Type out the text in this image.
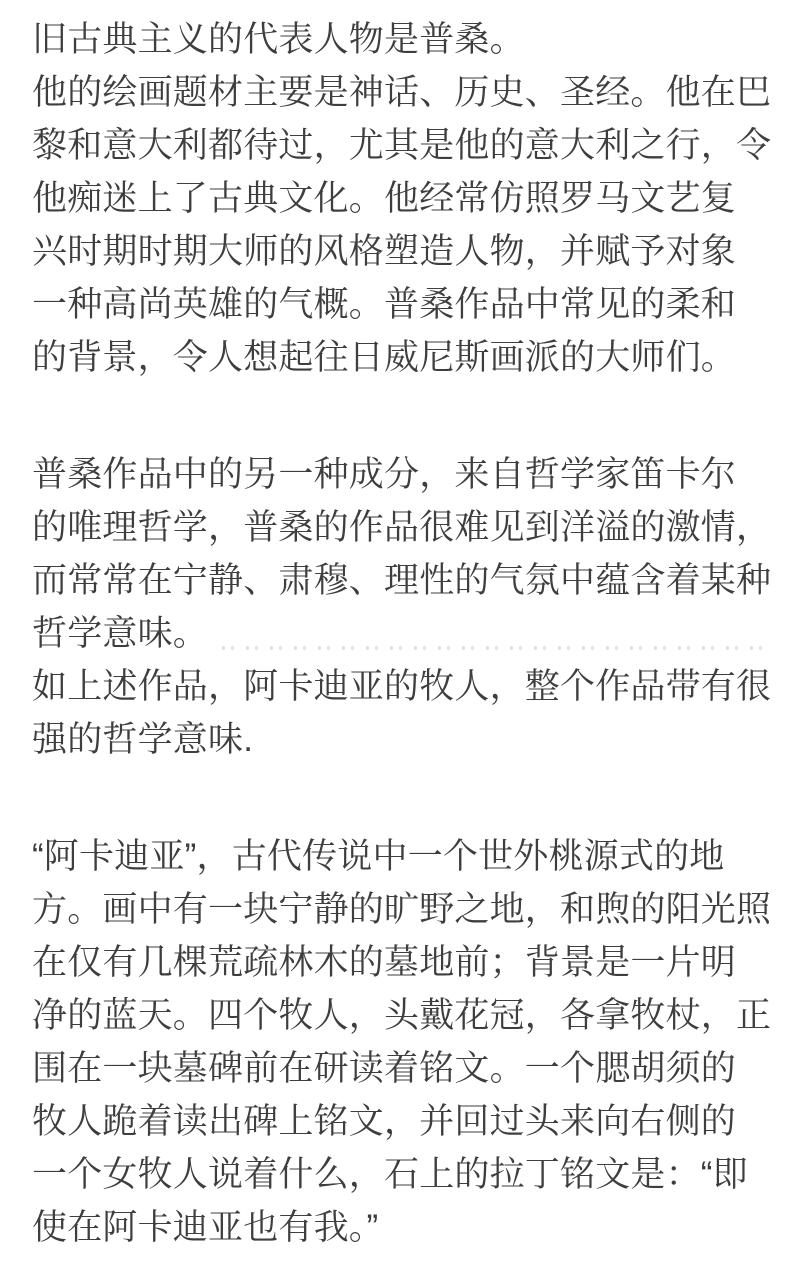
旧古典主义的代表人物是普桑。

他的绘画题材主要是神话、历史、圣经。他在巴

黎和意大利都待过，尤其是他的意大利之行，令

他痴迷上了古典文化。他经常仿照罗马文艺复

兴时期时期大师的风格塑造人物，并赋予对象

一种高尚英雄的气概。普桑作品中常见的柔和

的背景，令人想起往日威尼斯画派的大师们。

普桑作品中的另一种成分，来自哲学家笛卡尔

的唯理哲学，普桑的作品很难见到洋溢的激情，

而常常在宁静、肃穆、理性的气氛中蕴含着某种

哲学意味。

如上述作品，阿卡迪亚的牧人，整个作品带有很

强的哲学意味.

“阿卡迪亚”，古代传说中一个世外桃源式的地

方。画中有一块宁静的旷野之地，和煦的阳光照

在仅有几棵荒疏林木的墓地前；背景是一片明

净的蓝天。四个牧人，头戴花冠，各拿牧杖，正

围在一块墓碑前在研读着铭文。一个腮胡须的

牧人跪着读出碑上铭文，并回过头来向右侧的

一个女牧人说着什么，石上的拉丁铭文是：“即

使在阿卡迪亚也有我。”
